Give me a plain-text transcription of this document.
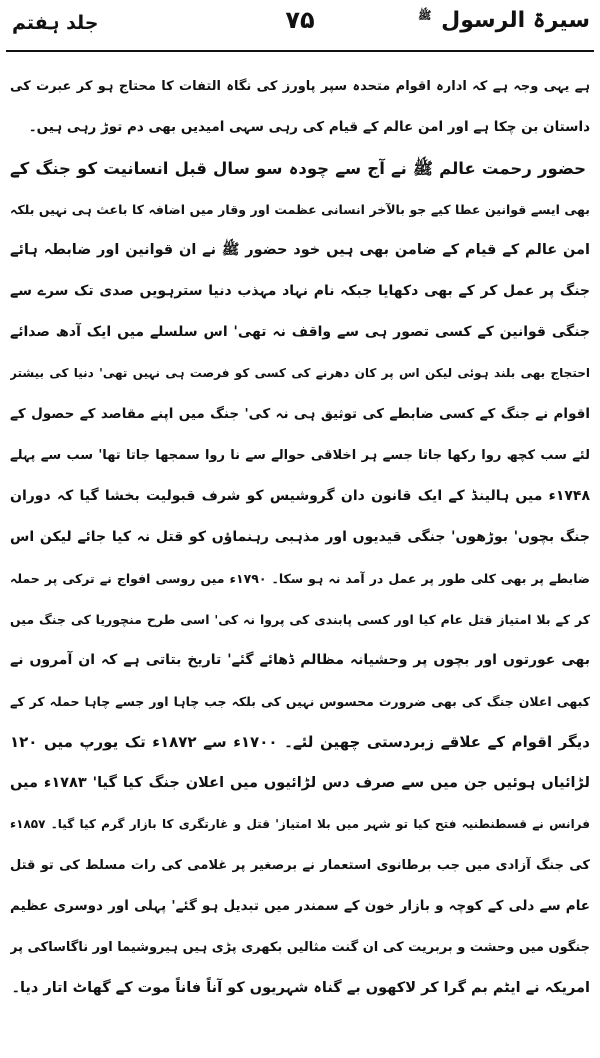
سیرۃ الرسول ﷺ
۷۵
جلد ہفتم
ہے یہی وجہ ہے کہ ادارہ اقوام متحدہ سپر پاورز کی نگاہ التفات کا محتاج ہو کر عبرت کی
داستان بن چکا ہے اور امن عالم کے قیام کی رہی سہی امیدیں بھی دم توڑ رہی ہیں۔
حضور رحمت عالم ﷺ نے آج سے چودہ سو سال قبل انسانیت کو جنگ کے
بھی ایسے قوانین عطا کیے جو بالآخر انسانی عظمت اور وقار میں اضافہ کا باعث ہی نہیں بلکہ
امن عالم کے قیام کے ضامن بھی ہیں خود حضور ﷺ نے ان قوانین اور ضابطہ ہائے
جنگ پر عمل کر کے بھی دکھایا جبکہ نام نہاد مہذب دنیا سترہویں صدی تک سرے سے
جنگی قوانین کے کسی تصور ہی سے واقف نہ تھی' اس سلسلے میں ایک آدھ صدائے
احتجاج بھی بلند ہوئی لیکن اس پر کان دھرنے کی کسی کو فرصت ہی نہیں تھی' دنیا کی بیشتر
اقوام نے جنگ کے کسی ضابطے کی توثیق ہی نہ کی' جنگ میں اپنے مقاصد کے حصول کے
لئے سب کچھ روا رکھا جاتا جسے ہر اخلاقی حوالے سے نا روا سمجھا جاتا تھا' سب سے پہلے
۱۷۴۸ء میں ہالینڈ کے ایک قانون دان گروشیس کو شرف قبولیت بخشا گیا کہ دوران
جنگ بچوں' بوڑھوں' جنگی قیدیوں اور مذہبی رہنماؤں کو قتل نہ کیا جائے لیکن اس
ضابطے پر بھی کلی طور پر عمل در آمد نہ ہو سکا۔ ۱۷۹۰ء میں روسی افواج نے ترکی پر حملہ
کر کے بلا امتیاز قتل عام کیا اور کسی پابندی کی پروا نہ کی' اسی طرح منچوریا کی جنگ میں
بھی عورتوں اور بچوں پر وحشیانہ مظالم ڈھائے گئے' تاریخ بتاتی ہے کہ ان آمروں نے
کبھی اعلان جنگ کی بھی ضرورت محسوس نہیں کی بلکہ جب چاہا اور جسے چاہا حملہ کر کے
دیگر اقوام کے علاقے زبردستی چھین لئے۔ ۱۷۰۰ء سے ۱۸۷۲ء تک یورپ میں ۱۲۰
لڑائیاں ہوئیں جن میں سے صرف دس لڑائیوں میں اعلان جنگ کیا گیا' ۱۷۸۳ء میں
فرانس نے قسطنطنیہ فتح کیا تو شہر میں بلا امتیاز' قتل و غارتگری کا بازار گرم کیا گیا۔ ۱۸۵۷ء
کی جنگ آزادی میں جب برطانوی استعمار نے برصغیر پر غلامی کی رات مسلط کی تو قتل
عام سے دلی کے کوچہ و بازار خون کے سمندر میں تبدیل ہو گئے' پہلی اور دوسری عظیم
جنگوں میں وحشت و بربریت کی ان گنت مثالیں بکھری پڑی ہیں ہیروشیما اور ناگاساکی پر
امریکہ نے ایٹم بم گرا کر لاکھوں بے گناہ شہریوں کو آناً فاناً موت کے گھاٹ اتار دیا۔
